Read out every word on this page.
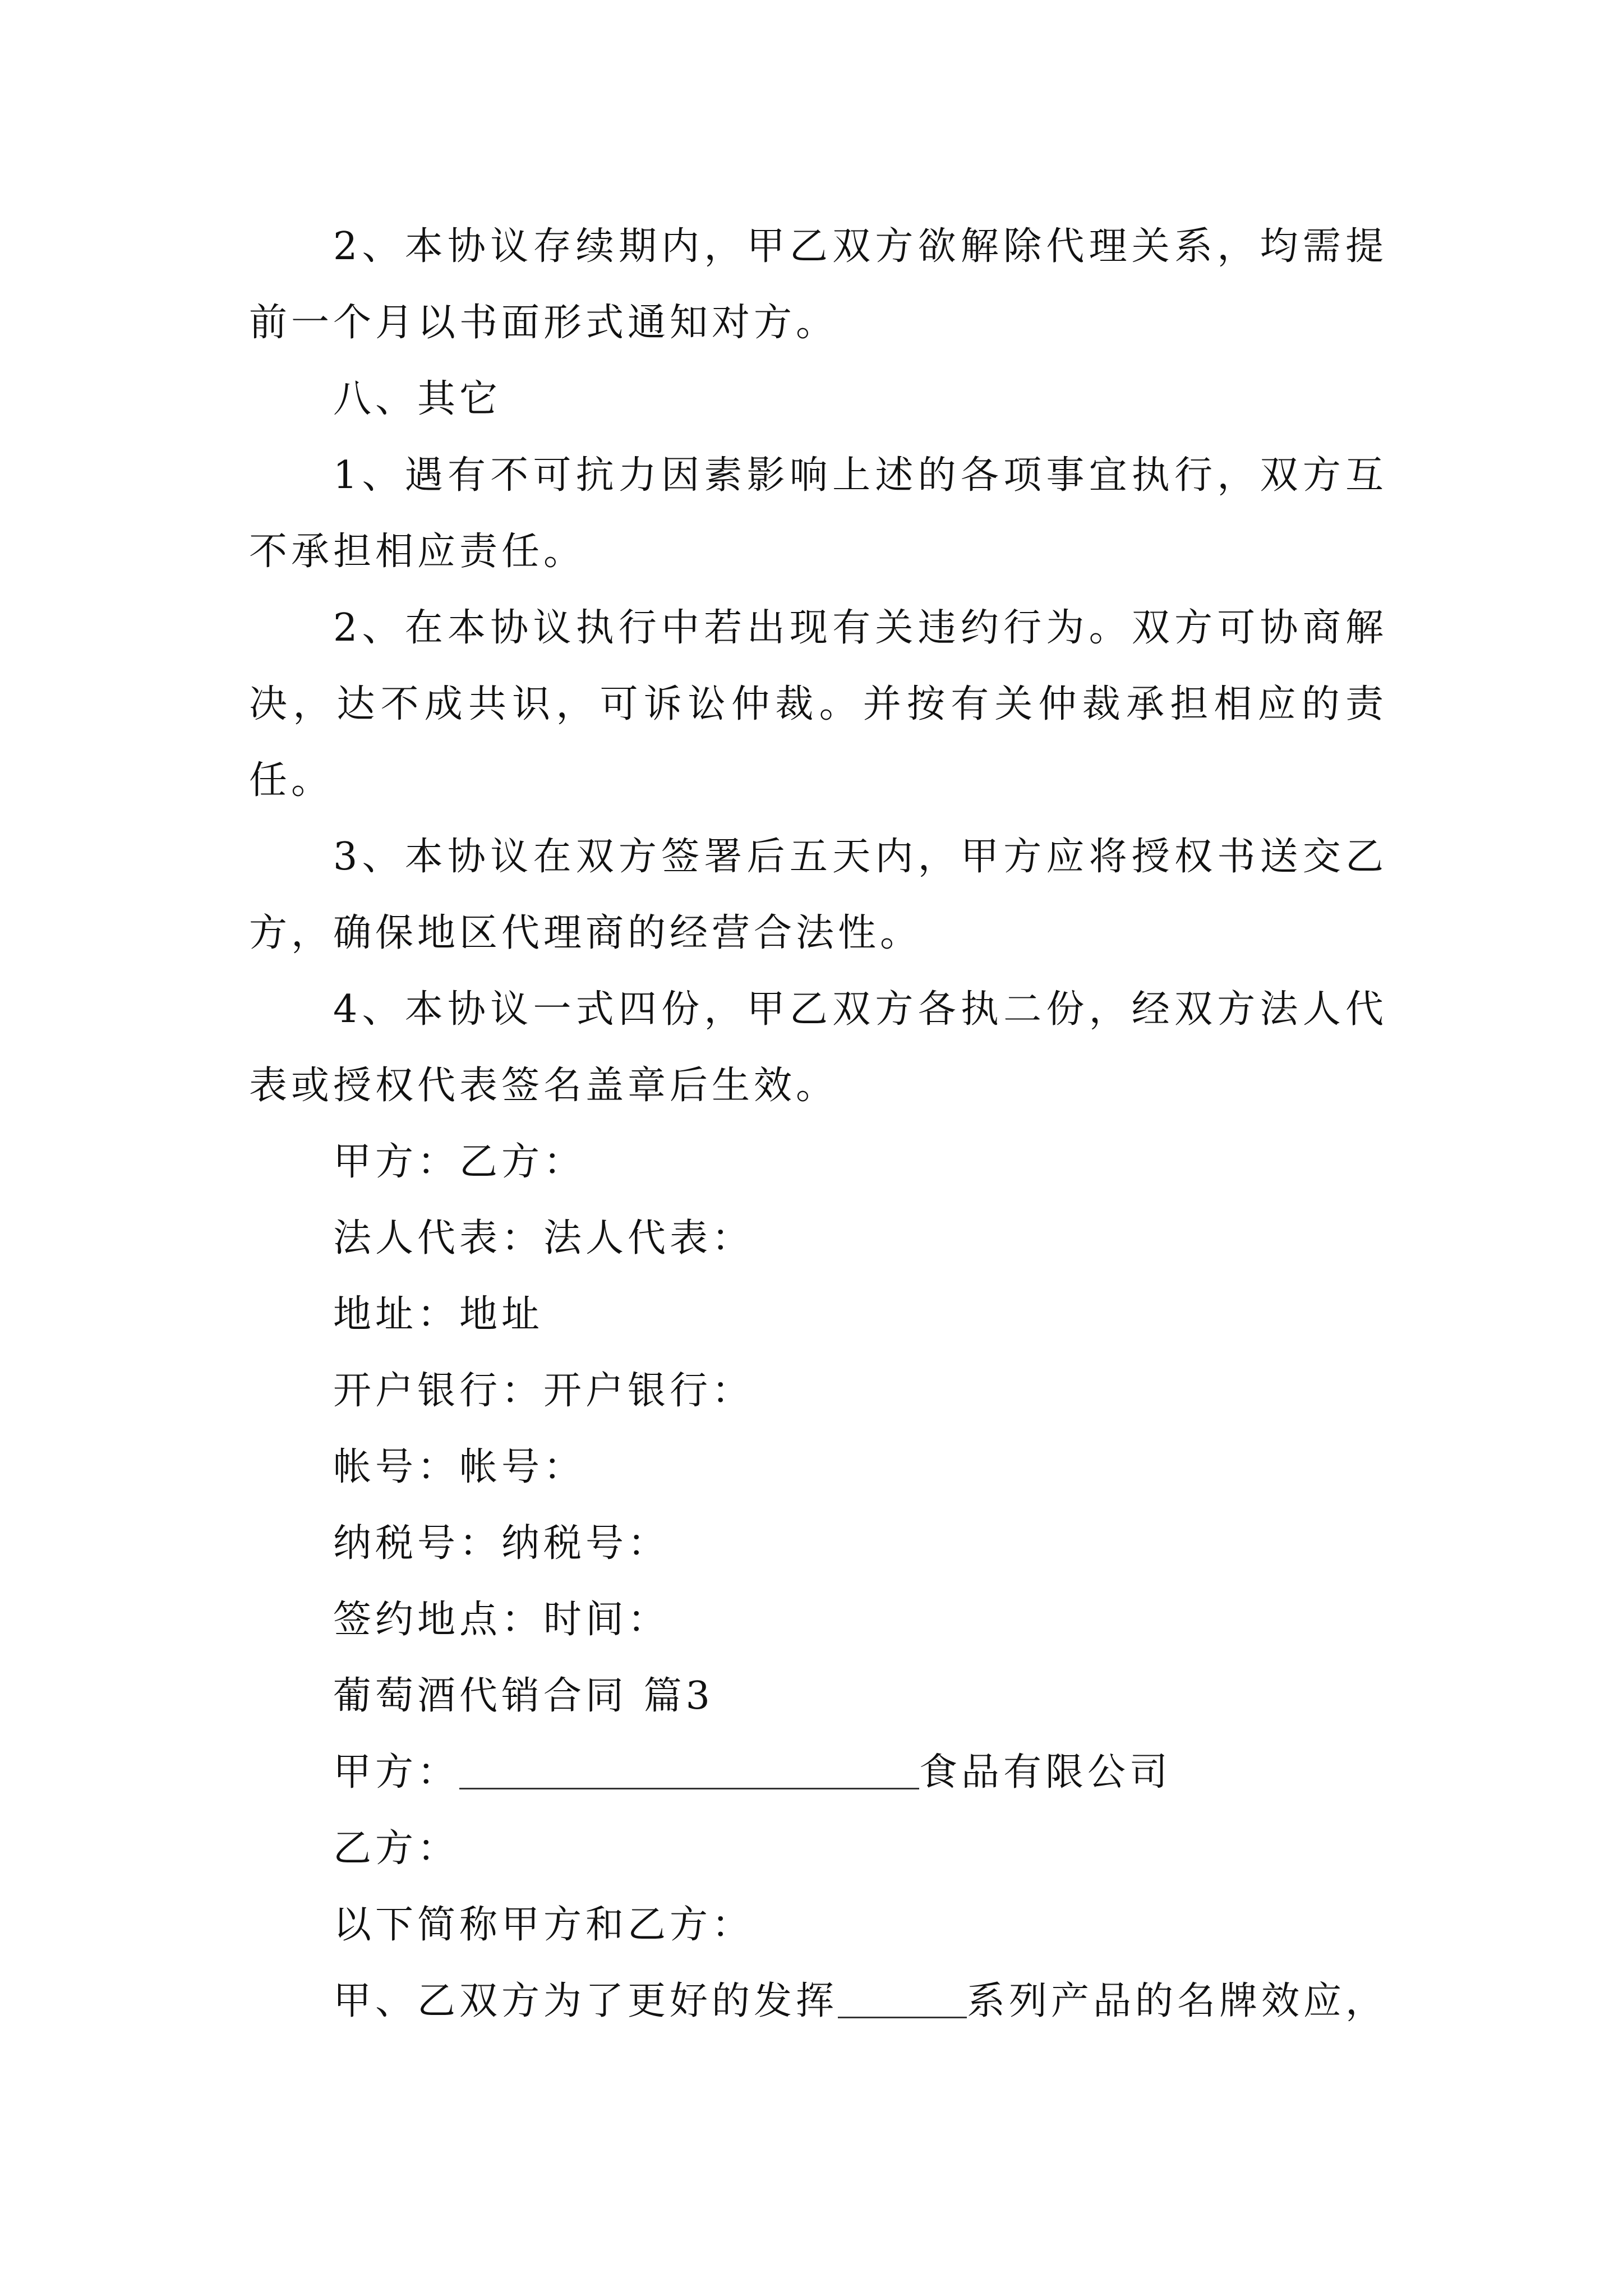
2、本协议存续期内，甲乙双方欲解除代理关系，均需提前一个月以书面形式通知对方。

八、其它

1、遇有不可抗力因素影响上述的各项事宜执行，双方互不承担相应责任。

2、在本协议执行中若出现有关违约行为。双方可协商解决，达不成共识，可诉讼仲裁。并按有关仲裁承担相应的责任。

3、本协议在双方签署后五天内，甲方应将授权书送交乙方，确保地区代理商的经营合法性。

4、本协议一式四份，甲乙双方各执二份，经双方法人代表或授权代表签名盖章后生效。

甲方：乙方：

法人代表：法人代表：

地址：地址

开户银行：开户银行：

帐号：帐号：

纳税号：纳税号：

签约地点：时间：

葡萄酒代销合同 篇3

甲方：	食品有限公司

乙方：

以下简称甲方和乙方：

甲、乙双方为了更好的发挥	系列产品的名牌效应，
